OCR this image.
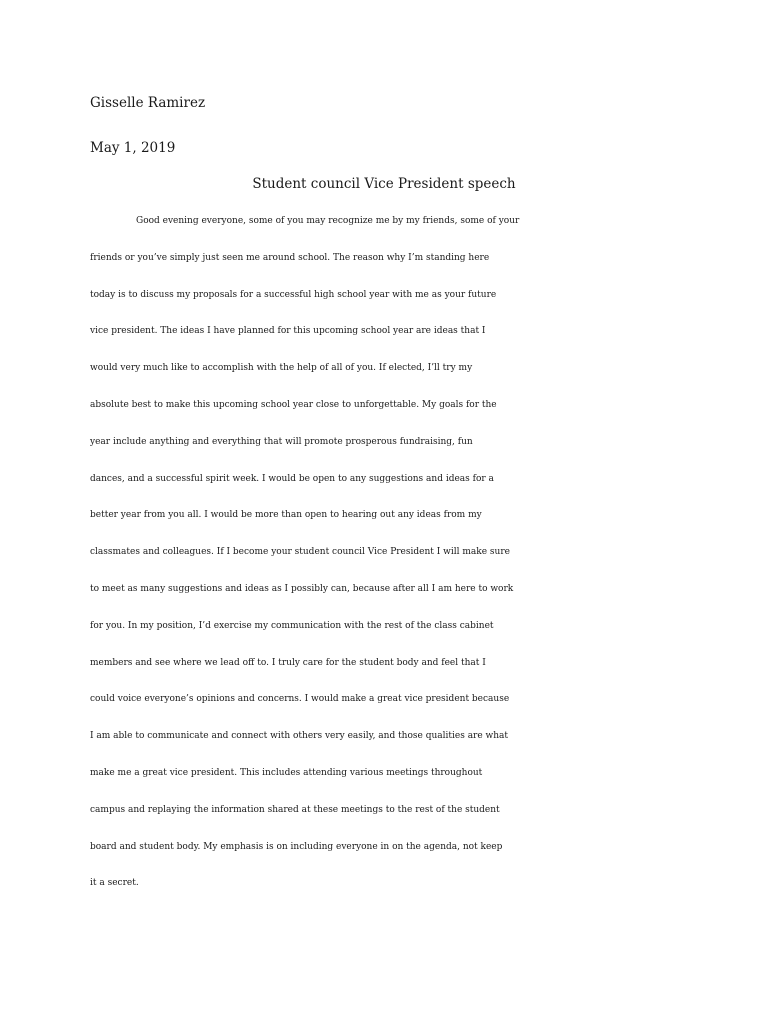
Gisselle Ramirez
May 1, 2019
Student council Vice President speech
Good evening everyone, some of you may recognize me by my friends, some of your
friends or you’ve simply just seen me around school. The reason why I’m standing here
today is to discuss my proposals for a successful high school year with me as your future
vice president. The ideas I have planned for this upcoming school year are ideas that I
would very much like to accomplish with the help of all of you. If elected, I’ll try my
absolute best to make this upcoming school year close to unforgettable. My goals for the
year include anything and everything that will promote prosperous fundraising, fun
dances, and a successful spirit week. I would be open to any suggestions and ideas for a
better year from you all. I would be more than open to hearing out any ideas from my
classmates and colleagues. If I become your student council Vice President I will make sure
to meet as many suggestions and ideas as I possibly can, because after all I am here to work
for you. In my position, I’d exercise my communication with the rest of the class cabinet
members and see where we lead off to. I truly care for the student body and feel that I
could voice everyone’s opinions and concerns. I would make a great vice president because
I am able to communicate and connect with others very easily, and those qualities are what
make me a great vice president. This includes attending various meetings throughout
campus and replaying the information shared at these meetings to the rest of the student
board and student body. My emphasis is on including everyone in on the agenda, not keep
it a secret.
